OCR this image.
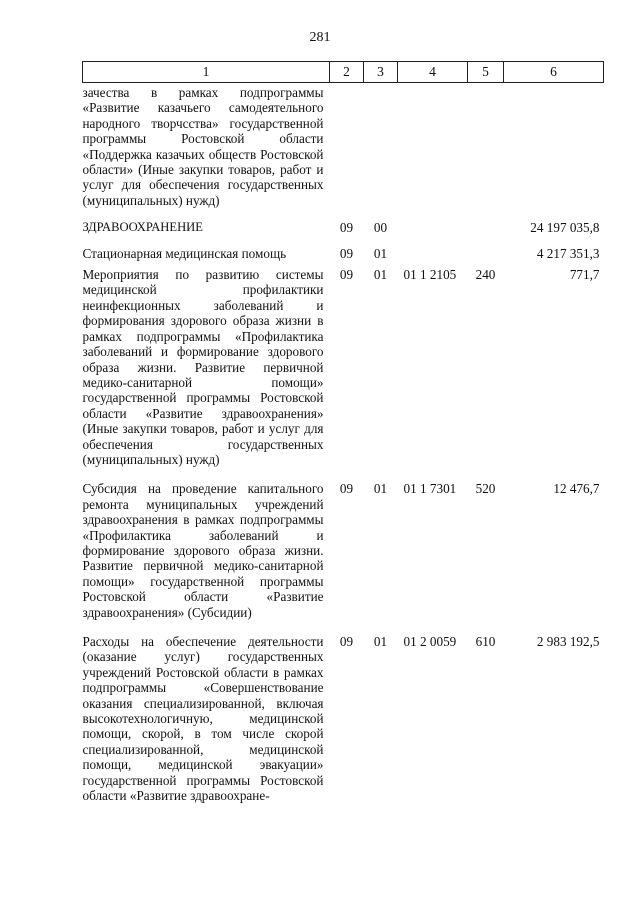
281
1	2	3	4	5	6
зачества в рамках подпрограммы «Развитие казачьего самодеятельного народного творчсства» государственной программы Ростовской области «Поддержка казачьих обществ Ростовской области» (Иные закупки товаров, работ и услуг для обеспечения государственных (муниципальных) нужд)					
ЗДРАВООХРАНЕНИЕ	09	00			24 197 035,8
Стационарная медицинская помощь	09	01			4 217 351,3
Мероприятия по развитию системы медицинской профилактики неинфекционных заболеваний и формирования здорового образа жизни в рамках подпрограммы «Профилактика заболеваний и формирование здорового образа жизни. Развитие первичной медико-санитарной помощи» государственной программы Ростовской области «Развитие здравоохранения» (Иные закупки товаров, работ и услуг для обеспечения государственных (муниципальных) нужд)	09	01	01 1 2105	240	771,7
Субсидия на проведение капитального ремонта муниципальных учреждений здравоохранения в рамках подпрограммы «Профилактика заболеваний и формирование здорового образа жизни. Развитие первичной медико-санитарной помощи» государственной программы Ростовской области «Развитие здравоохранения» (Субсидии)	09	01	01 1 7301	520	12 476,7
Расходы на обеспечение деятельности (оказание услуг) государственных учреждений Ростовской области в рамках подпрограммы «Совершенствование оказания специализированной, включая высокотехнологичную, медицинской помощи, скорой, в том числе скорой специализированной, медицинской помощи, медицинской эвакуации» государственной программы Ростовской области «Развитие здравоохране-	09	01	01 2 0059	610	2 983 192,5
